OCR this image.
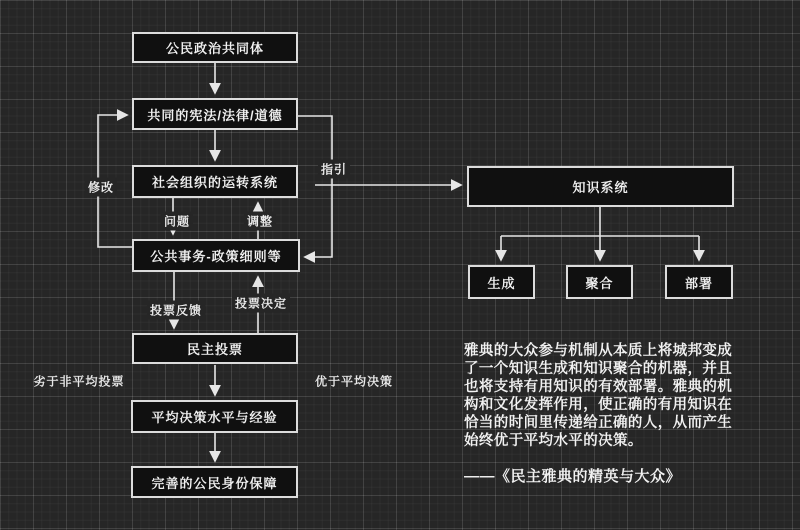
公民政治共同体
共同的宪法/法律/道德
社会组织的运转系统
公共事务-政策细则等
民主投票
平均决策水平与经验
完善的公民身份保障
知识系统
生成	聚合	部署
修改
指引
问题	调整
投票反馈	投票决定
劣于非平均投票	优于平均决策
雅典的大众参与机制从本质上将城邦变成
了一个知识生成和知识聚合的机器，并且
也将支持有用知识的有效部署。雅典的机
构和文化发挥作用，使正确的有用知识在
恰当的时间里传递给正确的人，从而产生
始终优于平均水平的决策。
——《民主雅典的精英与大众》
